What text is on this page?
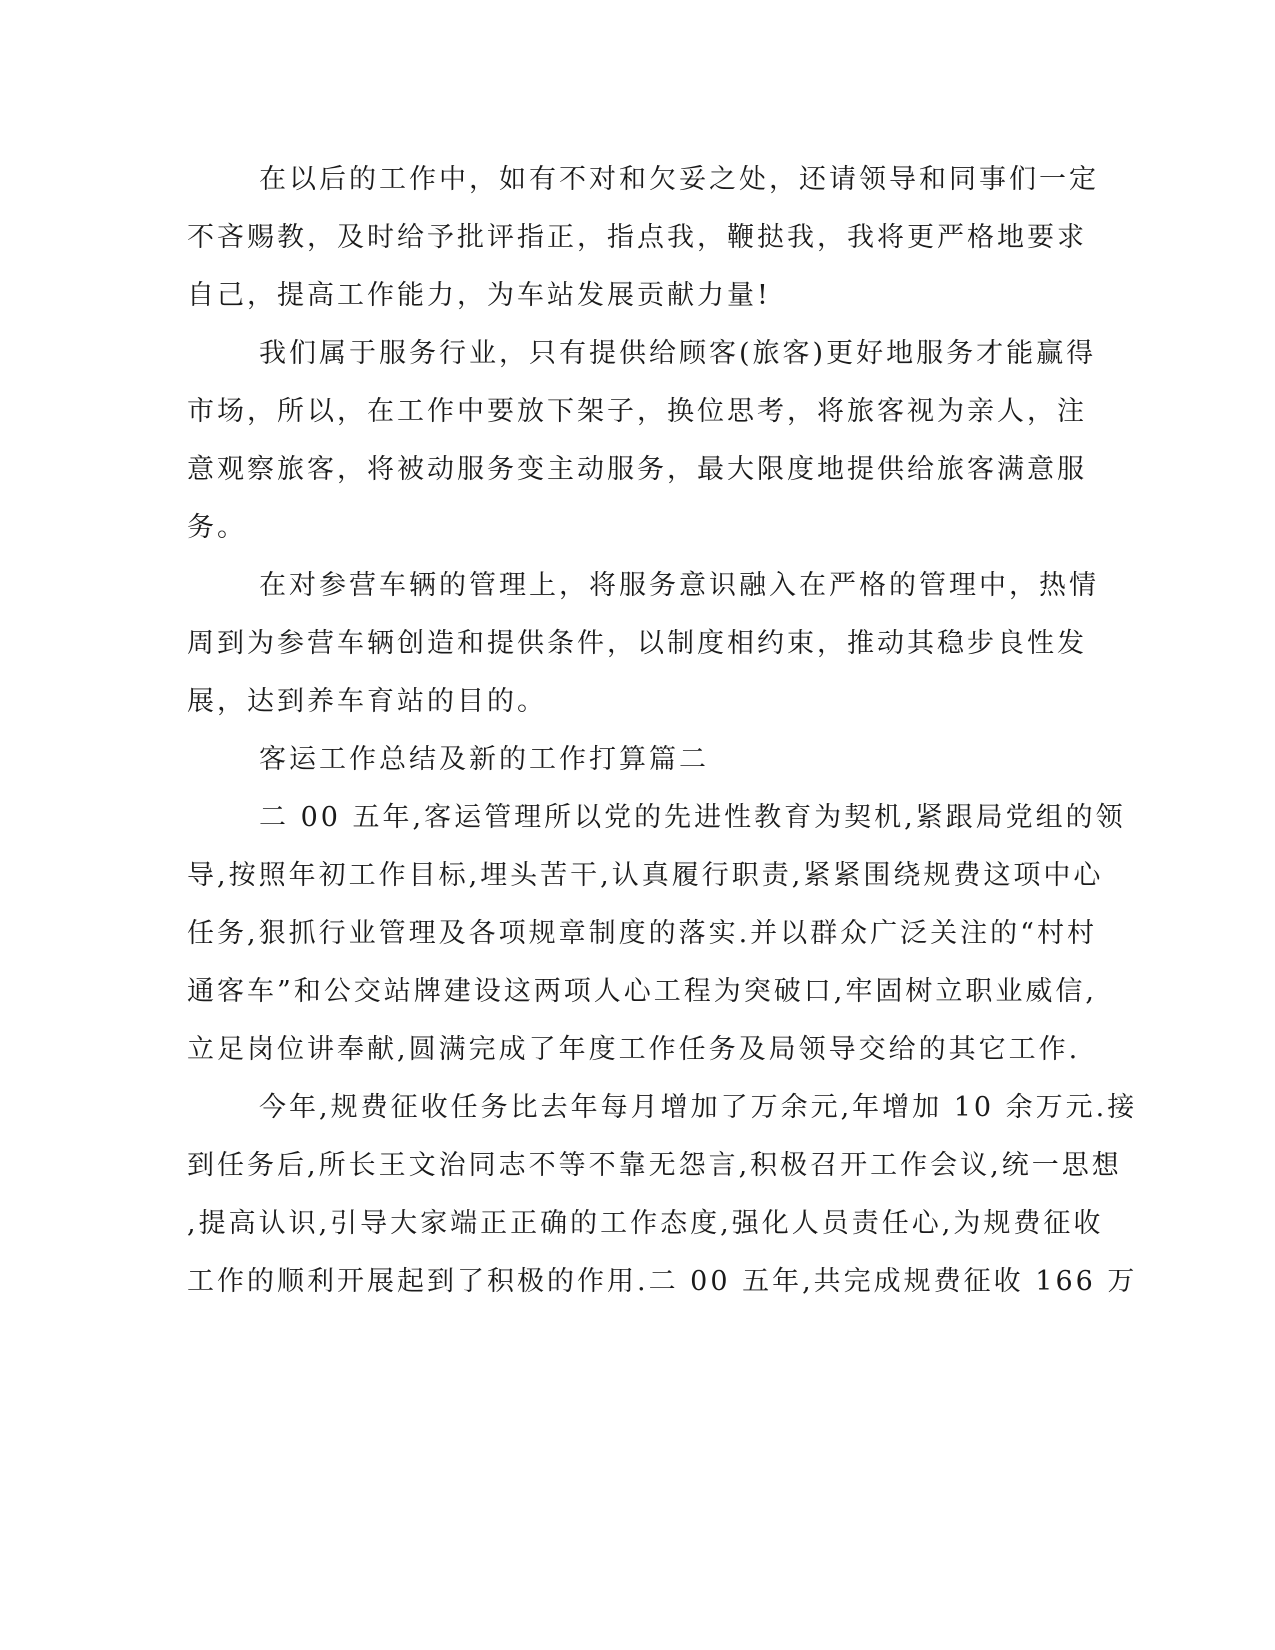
在以后的工作中，如有不对和欠妥之处，还请领导和同事们一定
不吝赐教，及时给予批评指正，指点我，鞭挞我，我将更严格地要求
自己，提高工作能力，为车站发展贡献力量!
我们属于服务行业，只有提供给顾客(旅客)更好地服务才能赢得
市场，所以，在工作中要放下架子，换位思考，将旅客视为亲人，注
意观察旅客，将被动服务变主动服务，最大限度地提供给旅客满意服
务。
在对参营车辆的管理上，将服务意识融入在严格的管理中，热情
周到为参营车辆创造和提供条件，以制度相约束，推动其稳步良性发
展，达到养车育站的目的。
客运工作总结及新的工作打算篇二
二 00 五年,客运管理所以党的先进性教育为契机,紧跟局党组的领
导,按照年初工作目标,埋头苦干,认真履行职责,紧紧围绕规费这项中心
任务,狠抓行业管理及各项规章制度的落实.并以群众广泛关注的“村村
通客车”和公交站牌建设这两项人心工程为突破口,牢固树立职业威信,
立足岗位讲奉献,圆满完成了年度工作任务及局领导交给的其它工作.
今年,规费征收任务比去年每月增加了万余元,年增加 10 余万元.接
到任务后,所长王文治同志不等不靠无怨言,积极召开工作会议,统一思想
,提高认识,引导大家端正正确的工作态度,强化人员责任心,为规费征收
工作的顺利开展起到了积极的作用.二 00 五年,共完成规费征收 166 万
